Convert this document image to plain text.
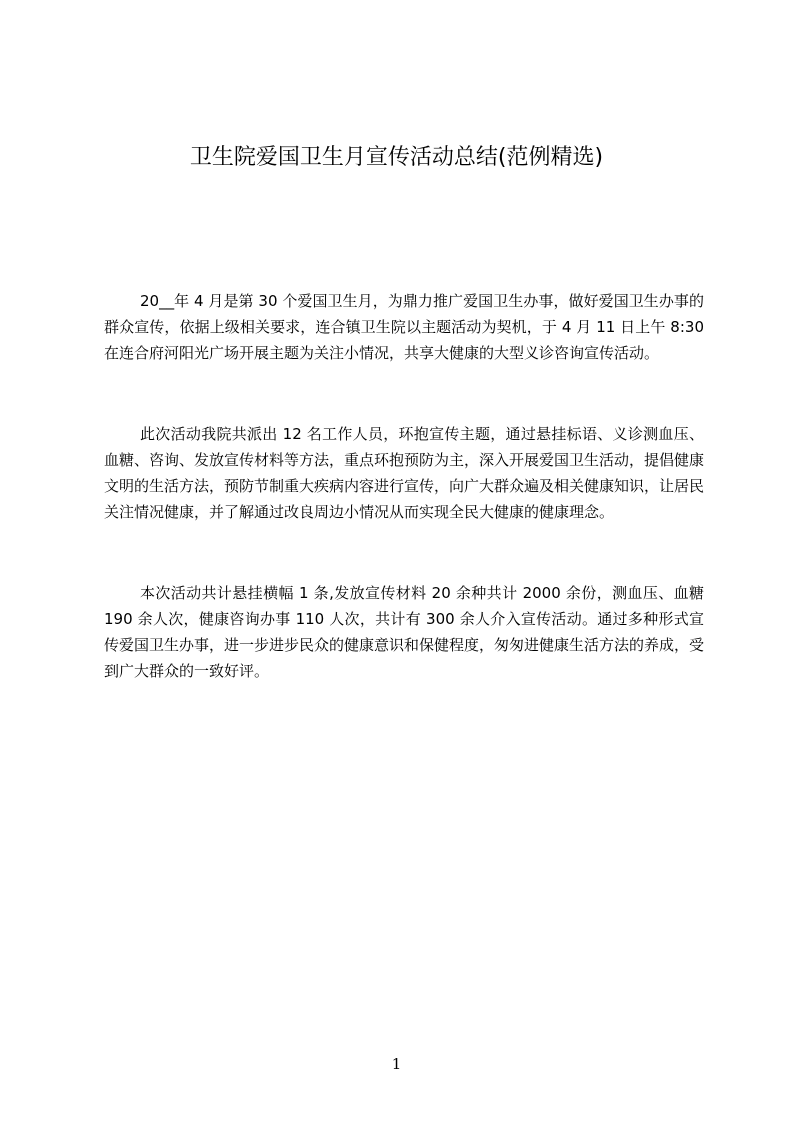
卫生院爱国卫生月宣传活动总结(范例精选)
20__年 4 月是第 30 个爱国卫生月，为鼎力推广爱国卫生办事，做好爱国卫生办事的群众宣传，依据上级相关要求，连合镇卫生院以主题活动为契机，于 4 月 11 日上午 8:30 在连合府河阳光广场开展主题为关注小情况，共享大健康的大型义诊咨询宣传活动。
此次活动我院共派出 12 名工作人员，环抱宣传主题，通过悬挂标语、义诊测血压、血糖、咨询、发放宣传材料等方法，重点环抱预防为主，深入开展爱国卫生活动，提倡健康文明的生活方法，预防节制重大疾病内容进行宣传，向广大群众遍及相关健康知识，让居民关注情况健康，并了解通过改良周边小情况从而实现全民大健康的健康理念。
本次活动共计悬挂横幅 1 条,发放宣传材料 20 余种共计 2000 余份，测血压、血糖 190 余人次，健康咨询办事 110 人次，共计有 300 余人介入宣传活动。通过多种形式宣传爱国卫生办事，进一步进步民众的健康意识和保健程度，匆匆进健康生活方法的养成，受到广大群众的一致好评。
1
